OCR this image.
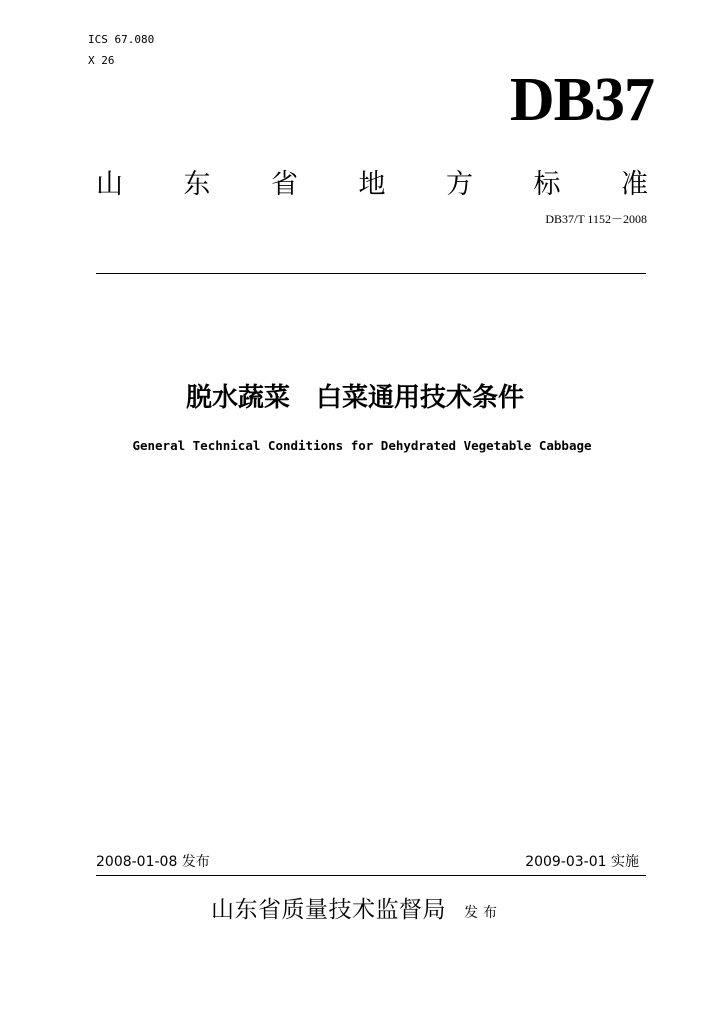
ICS 67.080
X 26
DB37
山 东 省 地 方 标 准
DB37/T 1152－2008
脱水蔬菜　白菜通用技术条件
General Technical Conditions for Dehydrated Vegetable Cabbage
2008-01-08 发布	2009-03-01 实施
山东省质量技术监督局 发布
